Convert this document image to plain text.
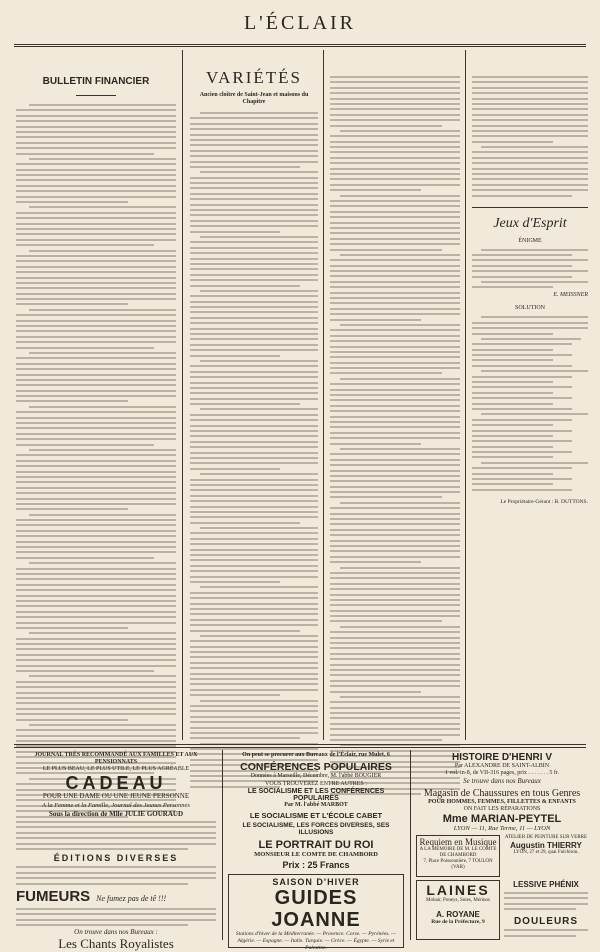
L'ÉCLAIR
BULLETIN FINANCIER	VARIÉTÉS
Ancien cloître de Saint-Jean et maisons du Chapitre
Jeux d'Esprit
ÉNIGME
E. MEISSNER
SOLUTION
Le Propriétaire-Gérant : B. DUTTONS.
JOURNAL TRÈS RECOMMANDÉ AUX FAMILLES ET AUX PENSIONNATS
LE PLUS BEAU, LE PLUS UTILE, LE PLUS AGRÉABLE
CADEAU
POUR UNE DAME OU UNE JEUNE PERSONNE
A la Femme et la Famille, Journal des Jeunes Personnes
Sous la direction de Mlle JULIE GOURAUD
ÉDITIONS DIVERSES
FUMEURS Ne fumez pas de tê !!!
On trouve dans nos Bureaux :
Les Chants Royalistes
On peut se procurer aux Bureaux de l'Éclair, rue Mulet, 6
CONFÉRENCES POPULAIRES
Données à Marseille, Décembre, M. l'abbé BOUGIER
VOUS TROUVEREZ ENTRE AUTRES :
LE SOCIALISME ET LES CONFÉRENCES POPULAIRES
Par M. l'abbé MARBOT
LE SOCIALISME ET L'ÉCOLE CABET
LE SOCIALISME, LES FORCES DIVERSES, SES ILLUSIONS
LE PORTRAIT DU ROI
MONSIEUR LE COMTE DE CHAMBORD
Prix : 25 Francs
SAISON D'HIVER
GUIDES JOANNE
Stations d'hiver de la Méditerranée. — Provence. Corse. — Pyrénées. — Algérie. — Espagne. — Italie. Turquie. — Grèce. — Égypte. — Syrie et Palestine.
HISTOIRE D'HENRI V
Par ALEXANDRE DE SAINT-ALBIN
1 vol. in-8, de VII-316 pages, prix . . . . . . . 5 fr.
Se trouve dans nos Bureaux
Magasin de Chaussures en tous Genres
POUR HOMMES, FEMMES, FILLETTES & ENFANTS
ON FAIT LES RÉPARATIONS
Mme MARIAN-PEYTEL
LYON — 11, Rue Terme, 11 — LYON
Requiem en Musique
A LA MÉMOIRE DE M. LE COMTE DE CHAMBORD
7, Place Poissonnière, 7 TOULON (VAR)
ATELIER DE PEINTURE SUR VERRE
Augustin THIERRY
LYON, 27 et 29, quai Fulchiron.
LAINES
Mohair, Poneys, Soies, Mérinos
A. ROYANE
Rue de la Préfecture, 9
LESSIVE PHÉNIX
DOULEURS
